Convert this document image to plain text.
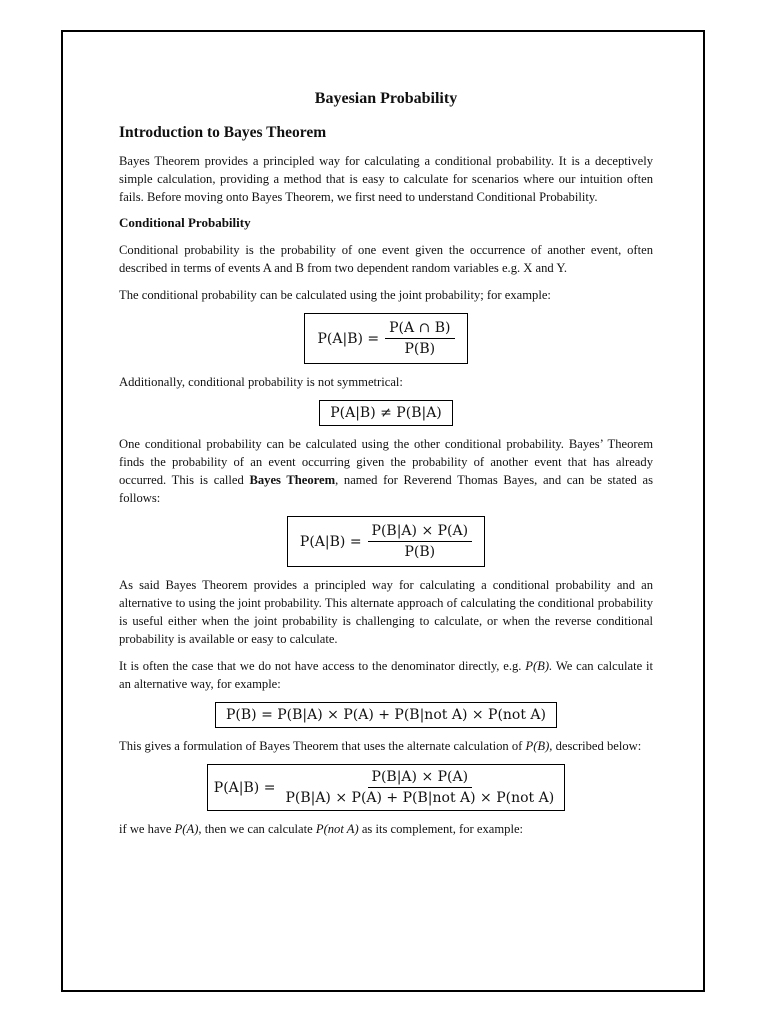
Bayesian Probability
Introduction to Bayes Theorem

Bayes Theorem provides a principled way for calculating a conditional probability. It is a deceptively simple calculation, providing a method that is easy to calculate for scenarios where our intuition often fails. Before moving onto Bayes Theorem, we first need to understand Conditional Probability.

Conditional Probability

Conditional probability is the probability of one event given the occurrence of another event, often described in terms of events A and B from two dependent random variables e.g. X and Y.

The conditional probability can be calculated using the joint probability; for example:

$P(A|B) = \frac{P(A \cap B)}{P(B)}$

Additionally, conditional probability is not symmetrical:

P(A|B) ≠ P(B|A)

One conditional probability can be calculated using the other conditional probability. Bayes’ Theorem finds the probability of an event occurring given the probability of another event that has already occurred. This is called Bayes Theorem, named for Reverend Thomas Bayes, and can be stated as follows:

$P(A|B) = \frac{P(B|A) \times P(A)}{P(B)}$

As said Bayes Theorem provides a principled way for calculating a conditional probability and an alternative to using the joint probability. This alternate approach of calculating the conditional probability is useful either when the joint probability is challenging to calculate, or when the reverse conditional probability is available or easy to calculate.

It is often the case that we do not have access to the denominator directly, e.g. P(B). We can calculate it an alternative way, for example:

P(B) = P(B|A) × P(A) + P(B|not A) × P(not A)

This gives a formulation of Bayes Theorem that uses the alternate calculation of P(B), described below:

$P(A|B) = \frac{P(B|A) \times P(A)}{\text{P(B|A) × P(A) + P(B|not A) × P(not A)}}$

if we have P(A), then we can calculate P(not A) as its complement, for example:
